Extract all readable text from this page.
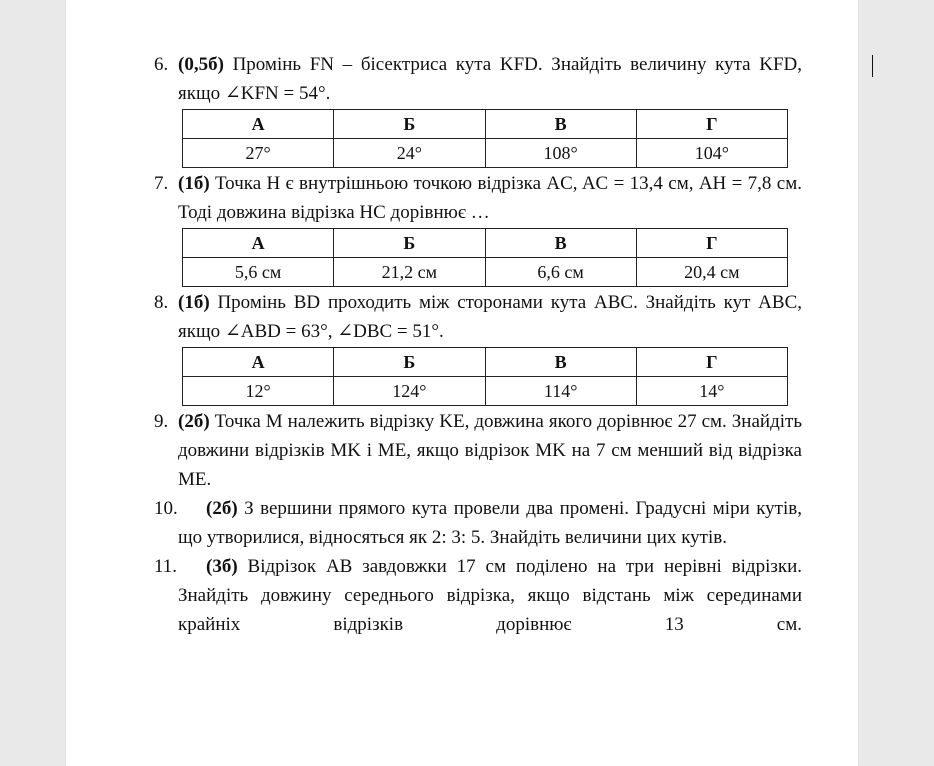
6. (0,5б) Промінь FN – бісектриса кута KFD. Знайдіть величину кута KFD, якщо ∠KFN = 54°.
А	Б	В	Г
27°	24°	108°	104°
7. (1б) Точка H є внутрішньою точкою відрізка AC, AC = 13,4 см, AH = 7,8 см. Тоді довжина відрізка HC дорівнює …
А	Б	В	Г
5,6 см	21,2 см	6,6 см	20,4 см
8. (1б) Промінь BD проходить між сторонами кута ABC. Знайдіть кут ABC, якщо ∠ABD = 63°, ∠DBC = 51°.
А	Б	В	Г
12°	124°	114°	14°
9. (2б) Точка M належить відрізку KE, довжина якого дорівнює 27 см. Знайдіть довжини відрізків MK і ME, якщо відрізок MK на 7 см менший від відрізка ME.
10. (2б) З вершини прямого кута провели два промені. Градусні міри кутів, що утворилися, відносяться як 2: 3: 5. Знайдіть величини цих кутів.
11. (3б) Відрізок AB завдовжки 17 см поділено на три нерівні відрізки. Знайдіть довжину середнього відрізка, якщо відстань між серединами крайніх відрізків дорівнює 13 см.
